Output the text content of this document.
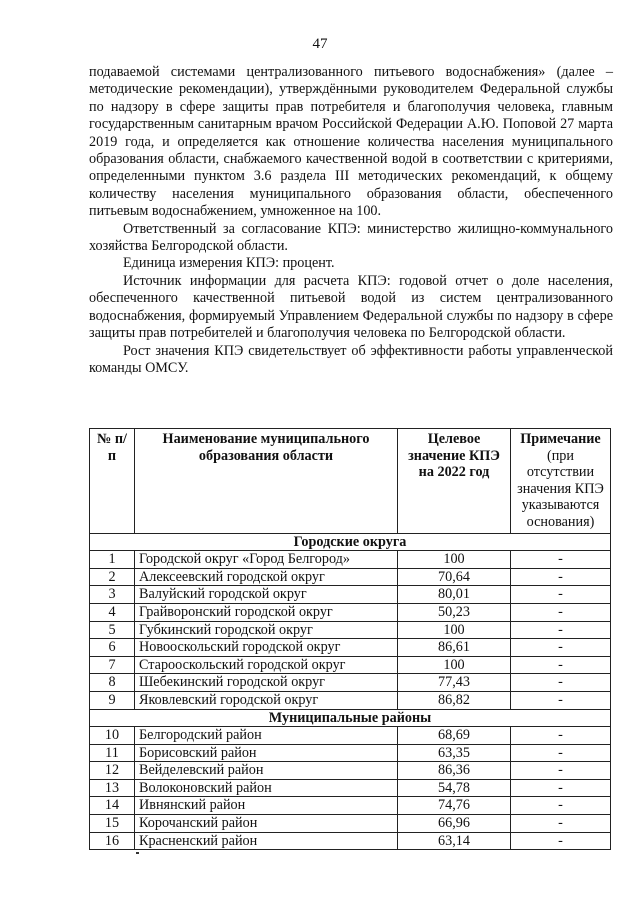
47

подаваемой системами централизованного питьевого водоснабжения» (далее – методические рекомендации), утверждёнными руководителем Федеральной службы по надзору в сфере защиты прав потребителя и благополучия человека, главным государственным санитарным врачом Российской Федерации А.Ю. Поповой 27 марта 2019 года, и определяется как отношение количества населения муниципального образования области, снабжаемого качественной водой в соответствии с критериями, определенными пунктом 3.6 раздела III методических рекомендаций, к общему количеству населения муниципального образования области, обеспеченного питьевым водоснабжением, умноженное на 100.

Ответственный за согласование КПЭ: министерство жилищно-коммунального хозяйства Белгородской области.

Единица измерения КПЭ: процент.

Источник информации для расчета КПЭ: годовой отчет о доле населения, обеспеченного качественной питьевой водой из систем централизованного водоснабжения, формируемый Управлением Федеральной службы по надзору в сфере защиты прав потребителей и благополучия человека по Белгородской области.

Рост значения КПЭ свидетельствует об эффективности работы управленческой команды ОМСУ.

№ п/п	Наименование муниципального образования области	Целевое значение КПЭ на 2022 год	Примечание
(при отсутствии значения КПЭ указываются основания)
Городские округа			
1	Городской округ «Город Белгород»	100	-
2	Алексеевский городской округ	70,64	-
3	Валуйский городской округ	80,01	-
4	Грайворонский городской округ	50,23	-
5	Губкинский городской округ	100	-
6	Новооскольский городской округ	86,61	-
7	Старооскольский городской округ	100	-
8	Шебекинский городской округ	77,43	-
9	Яковлевский городской округ	86,82	-
Муниципальные районы			
10	Белгородский район	68,69	-
11	Борисовский район	63,35	-
12	Вейделевский район	86,36	-
13	Волоконовский район	54,78	-
14	Ивнянский район	74,76	-
15	Корочанский район	66,96	-
16	Красненский район	63,14	-
